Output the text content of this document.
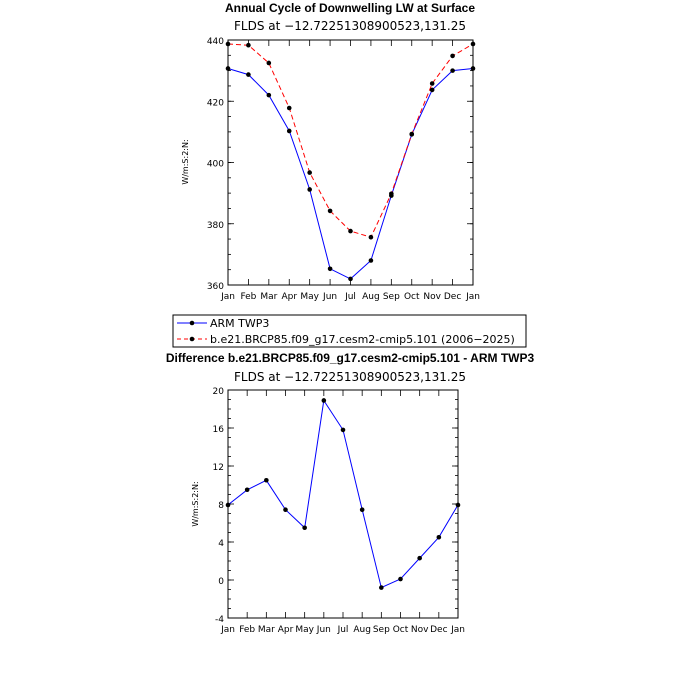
Annual Cycle of Downwelling LW at Surface
FLDS at −12.72251308900523,131.25
W/m:S:2:N:
360
380
400
420
440
Jan Feb Mar Apr May Jun Jul Aug Sep Oct Nov Dec Jan
ARM TWP3
b.e21.BRCP85.f09_g17.cesm2-cmip5.101 (2006−2025)
Difference b.e21.BRCP85.f09_g17.cesm2-cmip5.101 - ARM TWP3
FLDS at −12.72251308900523,131.25
W/m:S:2:N:
-4
0
4
8
12
16
20
Jan Feb Mar Apr May Jun Jul Aug Sep Oct Nov Dec Jan
